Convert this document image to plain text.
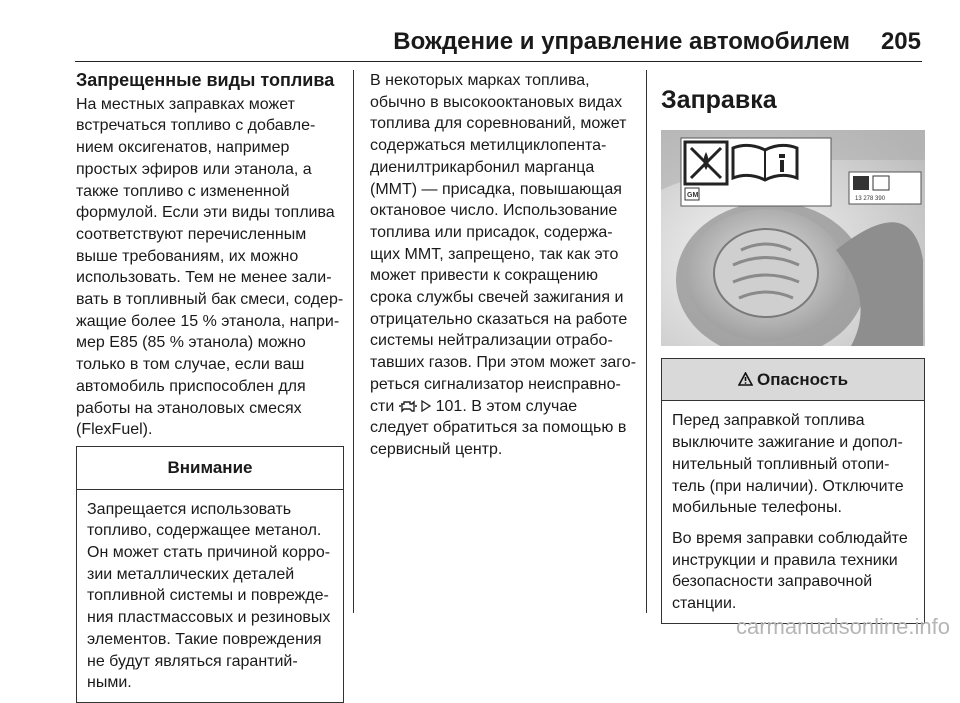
Вождение и управление автомобилем 205
Запрещенные виды топлива

На местных заправках может встречаться топливо с добавлением оксигенатов, например простых эфиров или этанола, а также топливо с измененной формулой. Если эти виды топлива соответствуют перечисленным выше требованиям, их можно использовать. Тем не менее заливать в топливный бак смеси, содержащие более 15 % этанола, например E85 (85 % этанола) можно только в том случае, если ваш автомобиль приспособлен для работы на этаноловых смесях (FlexFuel).

Внимание

Запрещается использовать топливо, содержащее метанол. Он может стать причиной коррозии металлических деталей топливной системы и повреждения пластмассовых и резиновых элементов. Такие повреждения не будут являться гарантийными.

В некоторых марках топлива, обычно в высокооктановых видах топлива для соревнований, может содержаться метилциклопентадиенилтрикарбонил марганца (MMT) — присадка, повышающая октановое число. Использование топлива или присадок, содержащих MMT, запрещено, так как это может привести к сокращению срока службы свечей зажигания и отрицательно сказаться на работе системы нейтрализации отработавших газов. При этом может загореться сигнализатор неисправности	101. В этом случае следует обратиться за помощью в сервисный центр.

Заправка
13 278 390
GM
Опасность

Перед заправкой топлива выключите зажигание и дополнительный топливный отопитель (при наличии). Отключите мобильные телефоны.

Во время заправки соблюдайте инструкции и правила техники безопасности заправочной станции.

carmanualsonline.info
